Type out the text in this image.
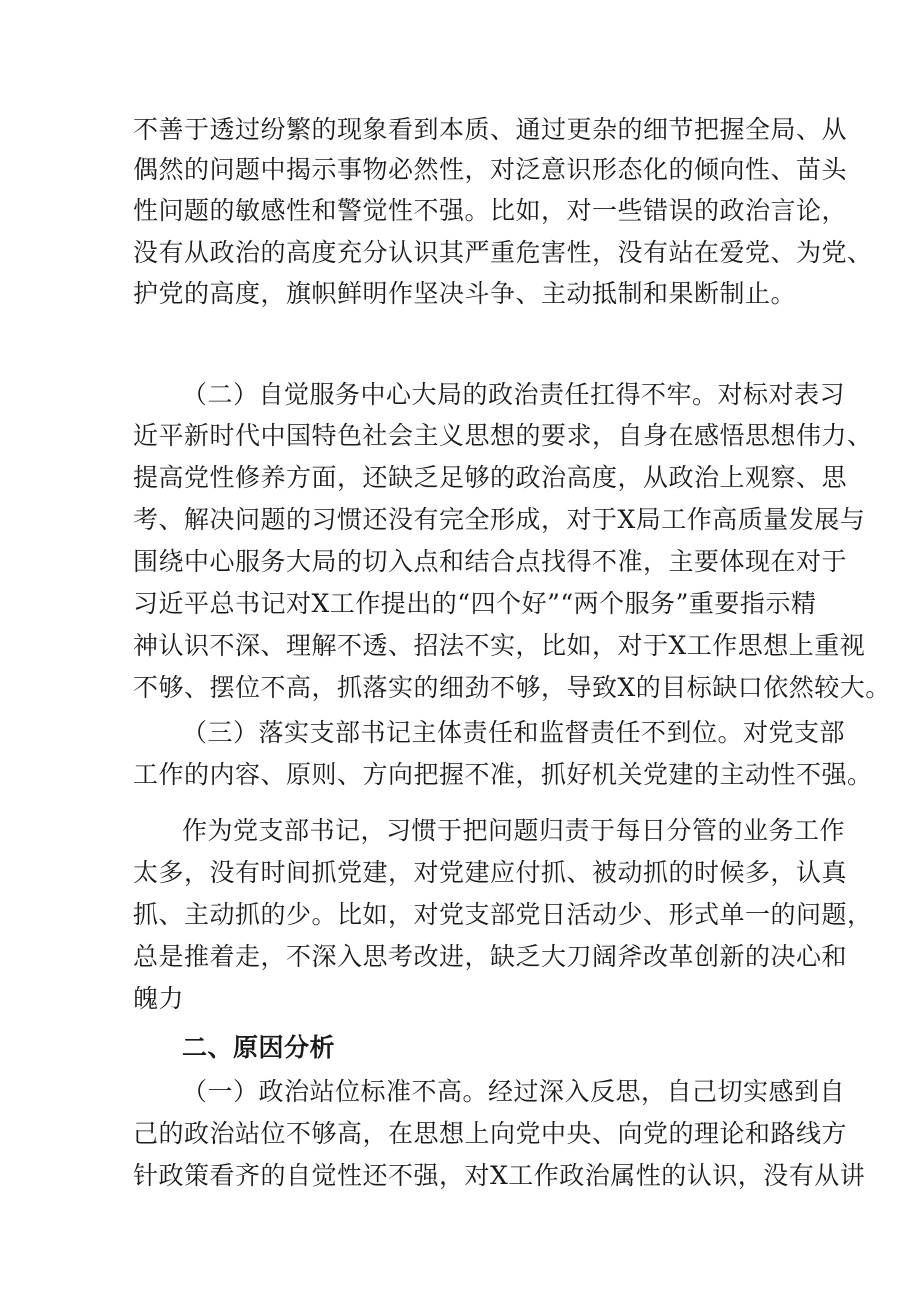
不善于透过纷繁的现象看到本质、通过更杂的细节把握全局、从
偶然的问题中揭示事物必然性，对泛意识形态化的倾向性、苗头
性问题的敏感性和警觉性不强。比如，对一些错误的政治言论，
没有从政治的高度充分认识其严重危害性，没有站在爱党、为党、
护党的高度，旗帜鲜明作坚决斗争、主动抵制和果断制止。
（二）自觉服务中心大局的政治责任扛得不牢。对标对表习
近平新时代中国特色社会主义思想的要求，自身在感悟思想伟力、
提高党性修养方面，还缺乏足够的政治高度，从政治上观察、思
考、解决问题的习惯还没有完全形成，对于X局工作高质量发展与
围绕中心服务大局的切入点和结合点找得不准，主要体现在对于
习近平总书记对X工作提出的“四个好”“两个服务”重要指示精
神认识不深、理解不透、招法不实，比如，对于X工作思想上重视
不够、摆位不高，抓落实的细劲不够，导致X的目标缺口依然较大。
（三）落实支部书记主体责任和监督责任不到位。对党支部
工作的内容、原则、方向把握不准，抓好机关党建的主动性不强。
作为党支部书记，习惯于把问题归责于每日分管的业务工作
太多，没有时间抓党建，对党建应付抓、被动抓的时候多，认真
抓、主动抓的少。比如，对党支部党日活动少、形式单一的问题，
总是推着走，不深入思考改进，缺乏大刀阔斧改革创新的决心和
魄力
二、原因分析
（一）政治站位标准不高。经过深入反思，自己切实感到自
己的政治站位不够高，在思想上向党中央、向党的理论和路线方
针政策看齐的自觉性还不强，对X工作政治属性的认识，没有从讲
